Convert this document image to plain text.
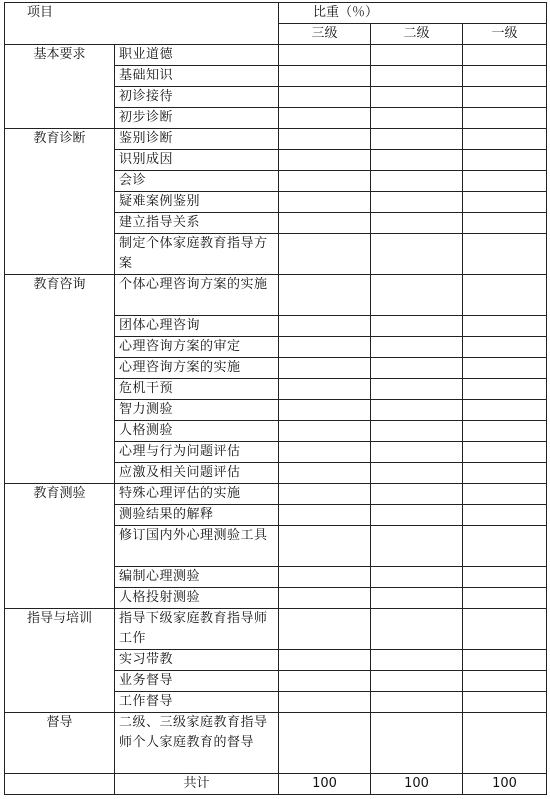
项目		比重（％）		
		三级	二级	一级
基本要求	职业道德			
	基础知识			
	初诊接待			
	初步诊断			
教育诊断	鉴别诊断			
	识别成因			
	会诊			
	疑难案例鉴别			
	建立指导关系			
	制定个体家庭教育指导方案			
教育咨询	个体心理咨询方案的实施			
	团体心理咨询			
	心理咨询方案的审定			
	心理咨询方案的实施			
	危机干预			
	智力测验			
	人格测验			
	心理与行为问题评估			
	应激及相关问题评估			
教育测验	特殊心理评估的实施			
	测验结果的解释			
	修订国内外心理测验工具			
	编制心理测验			
	人格投射测验			
指导与培训	指导下级家庭教育指导师工作			
	实习带教			
	业务督导			
	工作督导			
督导	二级、三级家庭教育指导师个人家庭教育的督导			
	共计	100	100	100
